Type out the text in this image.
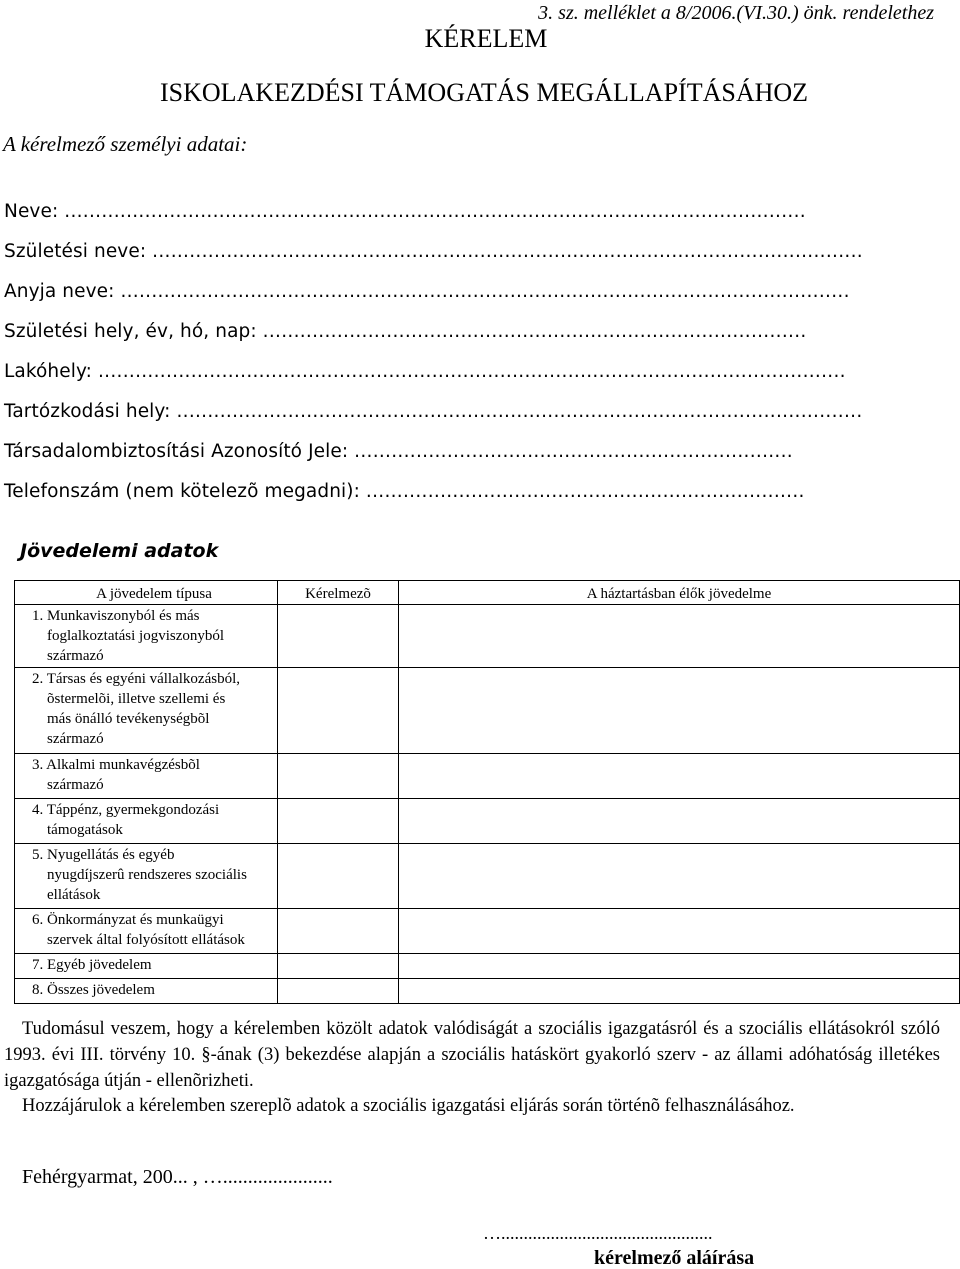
3. sz. melléklet a 8/2006.(VI.30.) önk. rendelethez
KÉRELEM
ISKOLAKEZDÉSI TÁMOGATÁS MEGÁLLAPÍTÁSÁHOZ
A kérelmező személyi adatai:
Neve: ........................................................................................................................
Születési neve: ...................................................................................................................
Anyja neve: ......................................................................................................................
Születési hely, év, hó, nap: ........................................................................................
Lakóhely: .........................................................................................................................
Tartózkodási hely: ...............................................................................................................
Társadalombiztosítási Azonosító Jele: .......................................................................
Telefonszám (nem kötelezõ megadni): .......................................................................
Jövedelemi adatok
A jövedelem típusa	Kérelmezõ	A háztartásban élők jövedelme

1. Munkaviszonyból és más
foglalkoztatási jogviszonyból
származó		

2. Társas és egyéni vállalkozásból,
õstermelõi, illetve szellemi és
más önálló tevékenységbõl
származó		

3. Alkalmi munkavégzésbõl
származó		

4. Táppénz, gyermekgondozási
támogatások		

5. Nyugellátás és egyéb
nyugdíjszerû rendszeres szociális
ellátások		

6. Önkormányzat és munkaügyi
szervek által folyósított ellátások		

7. Egyéb jövedelem		

8. Összes jövedelem		

Tudomásul veszem, hogy a kérelemben közölt adatok valódiságát a szociális igazgatásról és a szociális ellátásokról szóló 1993. évi III. törvény 10. §-ának (3) bekezdése alapján a szociális hatáskört gyakorló szerv - az állami adóhatóság illetékes igazgatósága útján - ellenõrizheti.
Hozzájárulok a kérelemben szereplõ adatok a szociális igazgatási eljárás során történõ felhasználásához.
Fehérgyarmat, 200... , …......................
…...............................................
kérelmező aláírása
